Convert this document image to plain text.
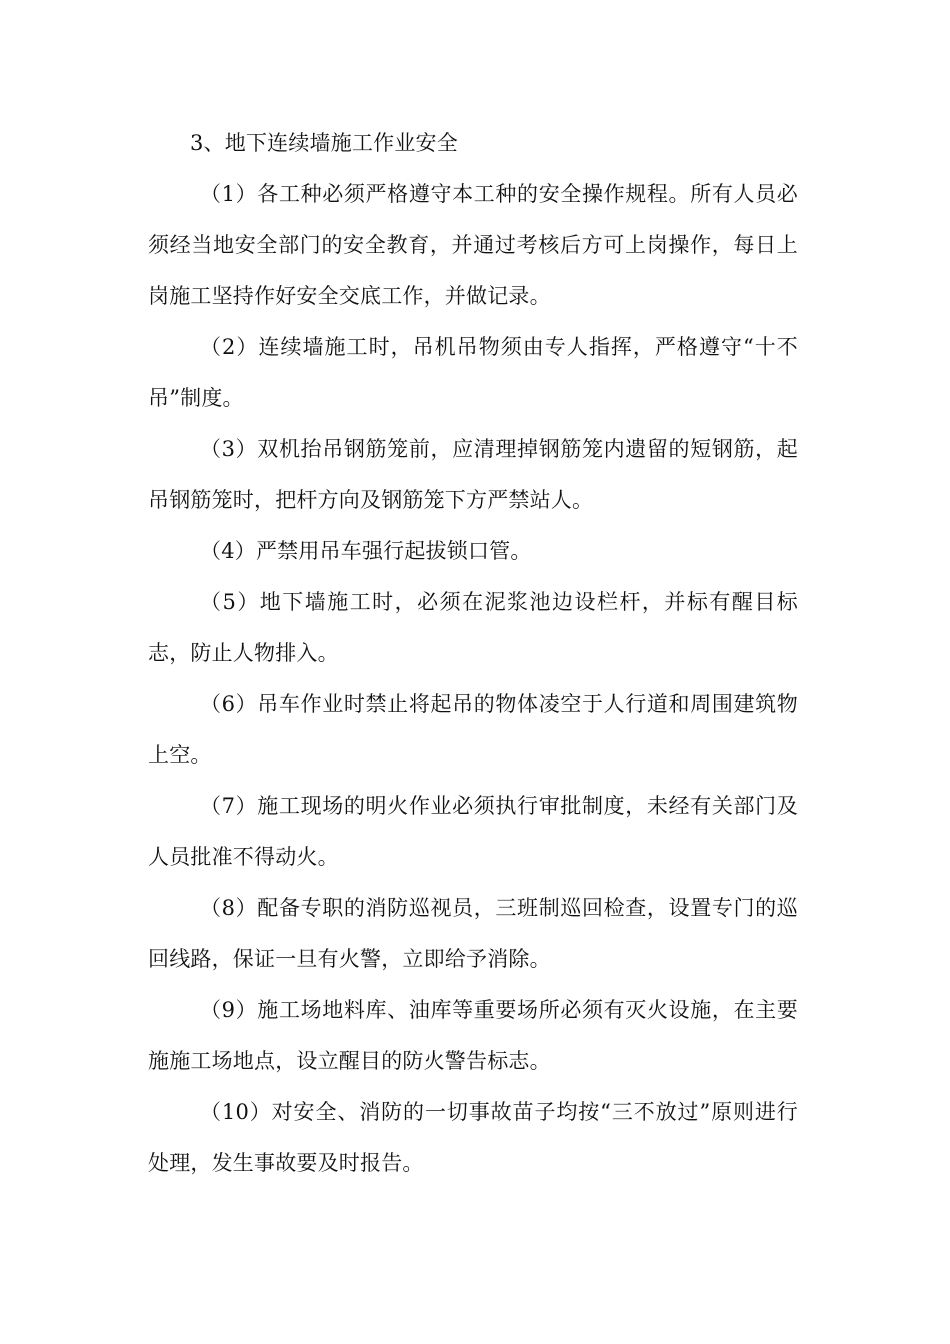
3、地下连续墙施工作业安全

（1）各工种必须严格遵守本工种的安全操作规程。所有人员必须经当地安全部门的安全教育，并通过考核后方可上岗操作，每日上岗施工坚持作好安全交底工作，并做记录。

（2）连续墙施工时，吊机吊物须由专人指挥，严格遵守“十不吊”制度。

（3）双机抬吊钢筋笼前，应清理掉钢筋笼内遗留的短钢筋，起吊钢筋笼时，把杆方向及钢筋笼下方严禁站人。

（4）严禁用吊车强行起拔锁口管。

（5）地下墙施工时，必须在泥浆池边设栏杆，并标有醒目标志，防止人物排入。

（6）吊车作业时禁止将起吊的物体凌空于人行道和周围建筑物上空。

（7）施工现场的明火作业必须执行审批制度，未经有关部门及人员批准不得动火。

（8）配备专职的消防巡视员，三班制巡回检查，设置专门的巡回线路，保证一旦有火警，立即给予消除。

（9）施工场地料库、油库等重要场所必须有灭火设施，在主要施施工场地点，设立醒目的防火警告标志。

（10）对安全、消防的一切事故苗子均按“三不放过”原则进行处理，发生事故要及时报告。
